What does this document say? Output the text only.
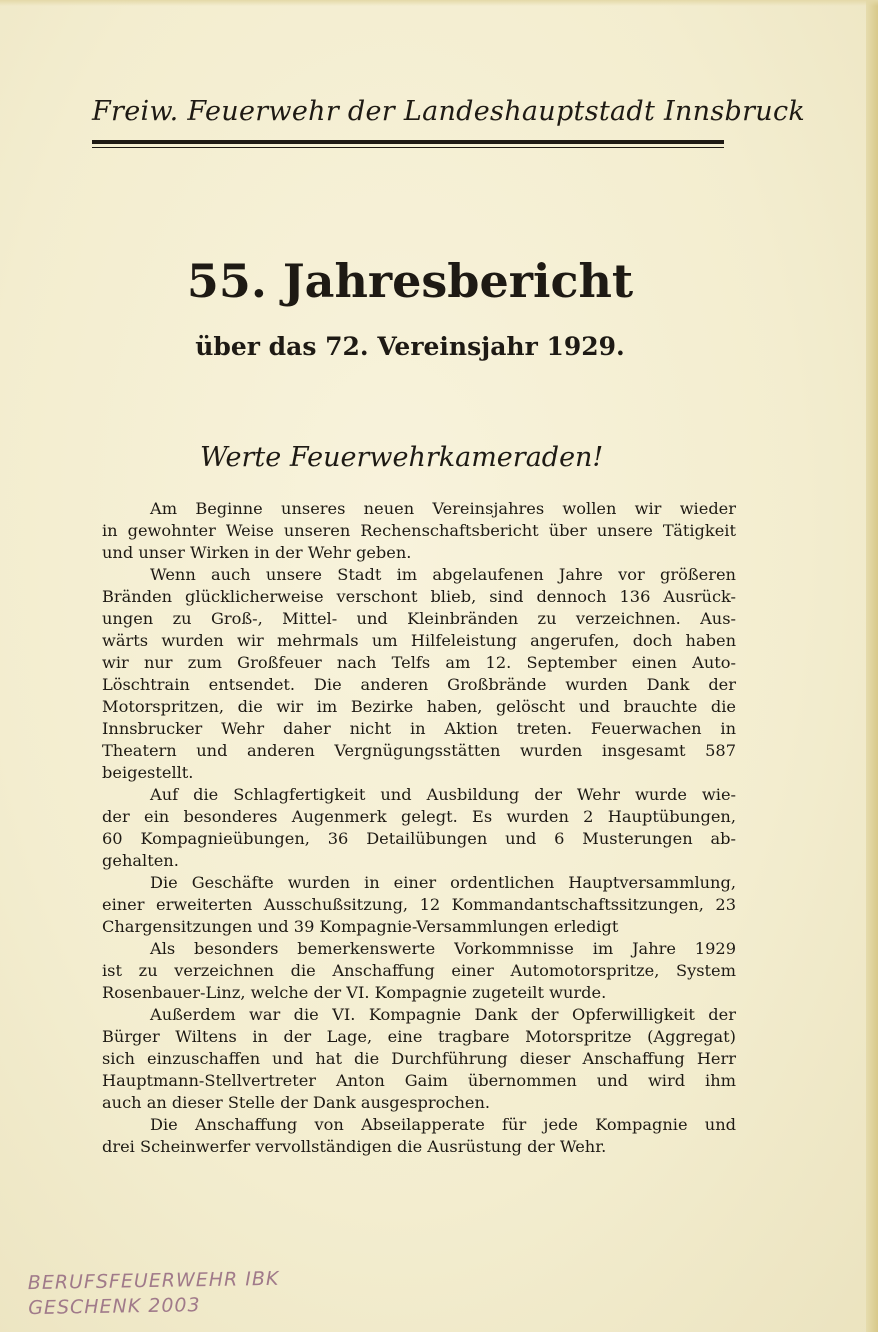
Freiw. Feuerwehr der Landeshauptstadt Innsbruck
55. Jahresbericht
über das 72. Vereinsjahr 1929.
Werte Feuerwehrkameraden!
Am Beginne unseres neuen Vereinsjahres wollen wir wieder
in gewohnter Weise unseren Rechenschaftsbericht über unsere Tätigkeit
und unser Wirken in der Wehr geben.
Wenn auch unsere Stadt im abgelaufenen Jahre vor größeren
Bränden glücklicherweise verschont blieb, sind dennoch 136 Ausrück-
ungen zu Groß-, Mittel- und Kleinbränden zu verzeichnen. Aus-
wärts wurden wir mehrmals um Hilfeleistung angerufen, doch haben
wir nur zum Großfeuer nach Telfs am 12. September einen Auto-
Löschtrain entsendet. Die anderen Großbrände wurden Dank der
Motorspritzen, die wir im Bezirke haben, gelöscht und brauchte die
Innsbrucker Wehr daher nicht in Aktion treten. Feuerwachen in
Theatern und anderen Vergnügungsstätten wurden insgesamt 587
beigestellt.
Auf die Schlagfertigkeit und Ausbildung der Wehr wurde wie-
der ein besonderes Augenmerk gelegt. Es wurden 2 Hauptübungen,
60 Kompagnieübungen, 36 Detailübungen und 6 Musterungen ab-
gehalten.
Die Geschäfte wurden in einer ordentlichen Hauptversammlung,
einer erweiterten Ausschußsitzung, 12 Kommandantschaftssitzungen, 23
Chargensitzungen und 39 Kompagnie-Versammlungen erledigt
Als besonders bemerkenswerte Vorkommnisse im Jahre 1929
ist zu verzeichnen die Anschaffung einer Automotorspritze, System
Rosenbauer-Linz, welche der VI. Kompagnie zugeteilt wurde.
Außerdem war die VI. Kompagnie Dank der Opferwilligkeit der
Bürger Wiltens in der Lage, eine tragbare Motorspritze (Aggregat)
sich einzuschaffen und hat die Durchführung dieser Anschaffung Herr
Hauptmann-Stellvertreter Anton Gaim übernommen und wird ihm
auch an dieser Stelle der Dank ausgesprochen.
Die Anschaffung von Abseilapperate für jede Kompagnie und
drei Scheinwerfer vervollständigen die Ausrüstung der Wehr.
BERUFSFEUERWEHR IBK
GESCHENK 2003
